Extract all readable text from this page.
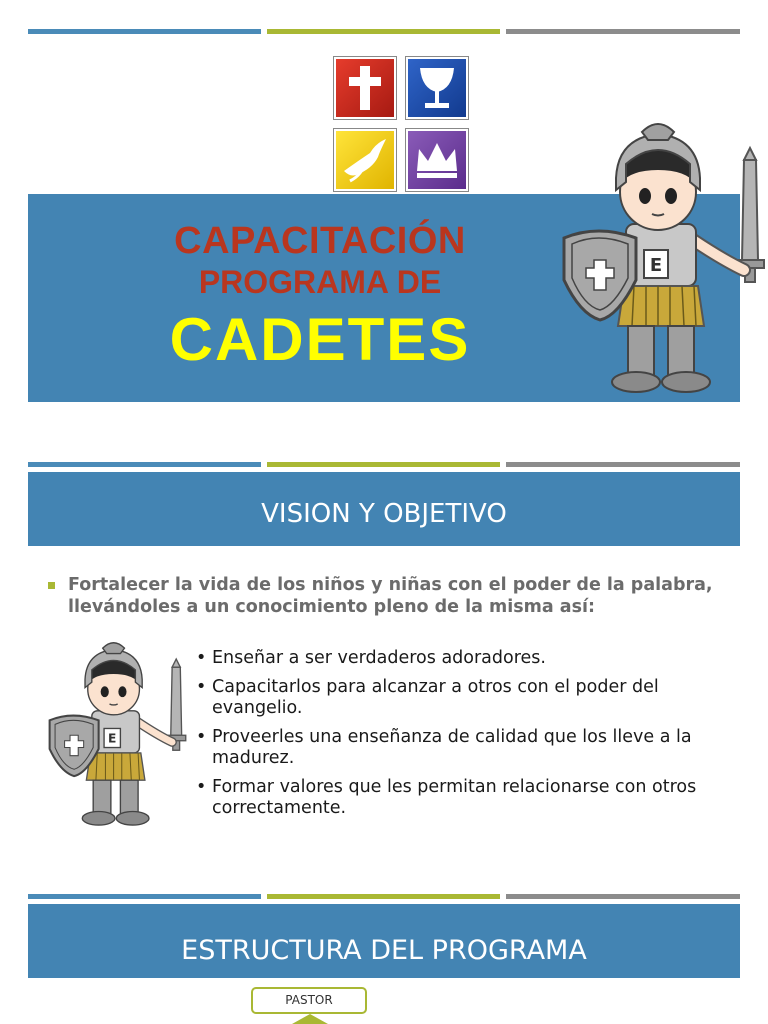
CAPACITACIÓN
PROGRAMA DE
CADETES
E
VISION Y OBJETIVO
Fortalecer la vida de los niños y niñas con el poder de la palabra, llevándoles a un conocimiento pleno de la misma así:
E
• Enseñar a ser verdaderos adoradores.
• Capacitarlos para alcanzar a otros con el poder del evangelio.
• Proveerles una enseñanza de calidad que los lleve a la madurez.
• Formar valores que les permitan relacionarse con otros correctamente.
ESTRUCTURA DEL PROGRAMA
PASTOR
